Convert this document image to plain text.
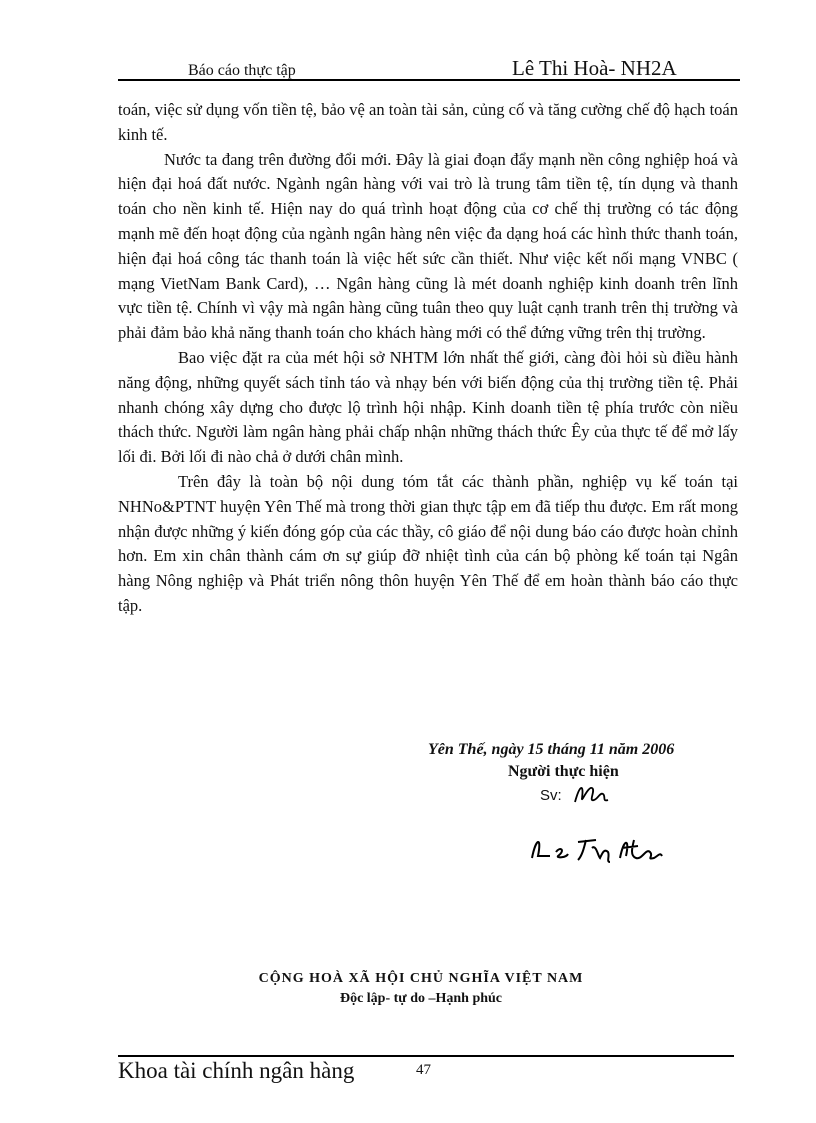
Báo cáo thực tập	Lê Thi Hoà- NH2A

toán, việc sử dụng vốn tiền tệ, bảo vệ an toàn tài sản, củng cố và tăng cường chế độ hạch toán kinh tế.

Nước ta đang trên đường đổi mới. Đây là giai đoạn đẩy mạnh nền công nghiệp hoá và hiện đại hoá đất nước. Ngành ngân hàng với vai trò là trung tâm tiền tệ, tín dụng và thanh toán cho nền kinh tế. Hiện nay do quá trình hoạt động của cơ chế thị trường có tác động mạnh mẽ đến hoạt động của ngành ngân hàng nên việc đa dạng hoá các hình thức thanh toán, hiện đại hoá công tác thanh toán là việc hết sức cần thiết. Như việc kết nối mạng VNBC ( mạng VietNam Bank Card), … Ngân hàng cũng là mét doanh nghiệp kinh doanh trên lĩnh vực tiền tệ. Chính vì vậy mà ngân hàng cũng tuân theo quy luật cạnh tranh trên thị trường và phải đảm bảo khả năng thanh toán cho khách hàng mới có thể đứng vững trên thị trường.

Bao việc đặt ra của mét hội sở NHTM lớn nhất thế giới, càng đòi hỏi sù điều hành năng động, những quyết sách tỉnh táo và nhạy bén với biến động của thị trường tiền tệ. Phải nhanh chóng xây dựng cho được lộ trình hội nhập. Kinh doanh tiền tệ phía trước còn niều thách thức. Người làm ngân hàng phải chấp nhận những thách thức Êy của thực tế để mở lấy lối đi. Bởi lối đi nào chả ở dưới chân mình.

Trên đây là toàn bộ nội dung tóm tắt các thành phần, nghiệp vụ kế toán tại NHNo&PTNT huyện Yên Thế mà trong thời gian thực tập em đã tiếp thu được. Em rất mong nhận được những ý kiến đóng góp của các thầy, cô giáo để nội dung báo cáo được hoàn chỉnh hơn. Em xin chân thành cám ơn sự giúp đỡ nhiệt tình của cán bộ phòng kế toán tại Ngân hàng Nông nghiệp và Phát triển nông thôn huyện Yên Thế để em hoàn thành báo cáo thực tập.

Yên Thế, ngày 15 tháng 11 năm 2006
Người thực hiện
Sv:
CỘNG HOÀ XÃ HỘI CHỦ NGHĨA VIỆT NAM
Độc lập- tự do –Hạnh phúc
Khoa tài chính ngân hàng	47
